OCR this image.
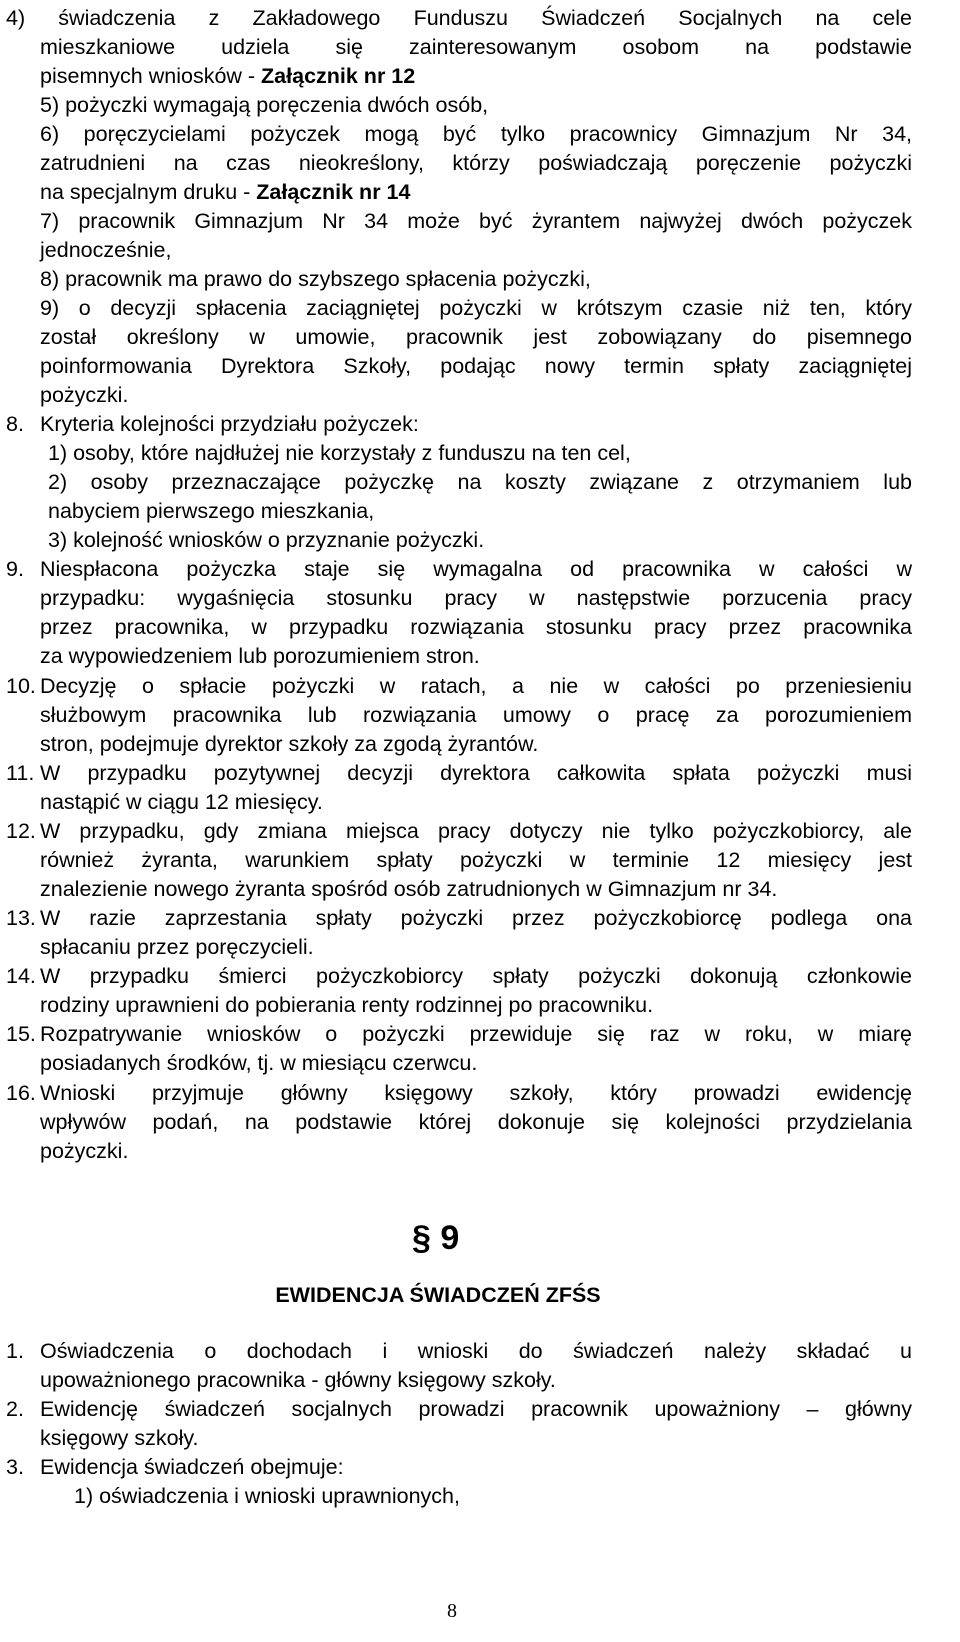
4) świadczenia z Zakładowego Funduszu Świadczeń Socjalnych na cele
mieszkaniowe udziela się zainteresowanym osobom na podstawie
pisemnych wniosków - Załącznik nr 12
5) pożyczki wymagają poręczenia dwóch osób,
6) poręczycielami pożyczek mogą być tylko pracownicy Gimnazjum Nr 34,
zatrudnieni na czas nieokreślony, którzy poświadczają poręczenie pożyczki
na specjalnym druku - Załącznik nr 14
7) pracownik Gimnazjum Nr 34 może być żyrantem najwyżej dwóch pożyczek
jednocześnie,
8) pracownik ma prawo do szybszego spłacenia pożyczki,
9) o decyzji spłacenia zaciągniętej pożyczki w krótszym czasie niż ten, który
został określony w umowie, pracownik jest zobowiązany do pisemnego
poinformowania Dyrektora Szkoły, podając nowy termin spłaty zaciągniętej
pożyczki.
8. Kryteria kolejności przydziału pożyczek:
1) osoby, które najdłużej nie korzystały z funduszu na ten cel,
2) osoby przeznaczające pożyczkę na koszty związane z otrzymaniem lub
nabyciem pierwszego mieszkania,
3) kolejność wniosków o przyznanie pożyczki.
9. Niespłacona pożyczka staje się wymagalna od pracownika w całości w
przypadku: wygaśnięcia stosunku pracy w następstwie porzucenia pracy
przez pracownika, w przypadku rozwiązania stosunku pracy przez pracownika
za wypowiedzeniem lub porozumieniem stron.
10. Decyzję o spłacie pożyczki w ratach, a nie w całości po przeniesieniu
służbowym pracownika lub rozwiązania umowy o pracę za porozumieniem
stron, podejmuje dyrektor szkoły za zgodą żyrantów.
11. W przypadku pozytywnej decyzji dyrektora całkowita spłata pożyczki musi
nastąpić w ciągu 12 miesięcy.
12. W przypadku, gdy zmiana miejsca pracy dotyczy nie tylko pożyczkobiorcy, ale
również żyranta, warunkiem spłaty pożyczki w terminie 12 miesięcy jest
znalezienie nowego żyranta spośród osób zatrudnionych w Gimnazjum nr 34.
13. W razie zaprzestania spłaty pożyczki przez pożyczkobiorcę podlega ona
spłacaniu przez poręczycieli.
14. W przypadku śmierci pożyczkobiorcy spłaty pożyczki dokonują członkowie
rodziny uprawnieni do pobierania renty rodzinnej po pracowniku.
15. Rozpatrywanie wniosków o pożyczki przewiduje się raz w roku, w miarę
posiadanych środków, tj. w miesiącu czerwcu.
16. Wnioski przyjmuje główny księgowy szkoły, który prowadzi ewidencję
wpływów podań, na podstawie której dokonuje się kolejności przydzielania
pożyczki.
§ 9
EWIDENCJA ŚWIADCZEŃ ZFŚS
1. Oświadczenia o dochodach i wnioski do świadczeń należy składać u
upoważnionego pracownika - główny księgowy szkoły.
2. Ewidencję świadczeń socjalnych prowadzi pracownik upoważniony – główny
księgowy szkoły.
3. Ewidencja świadczeń obejmuje:
1) oświadczenia i wnioski uprawnionych,
8
